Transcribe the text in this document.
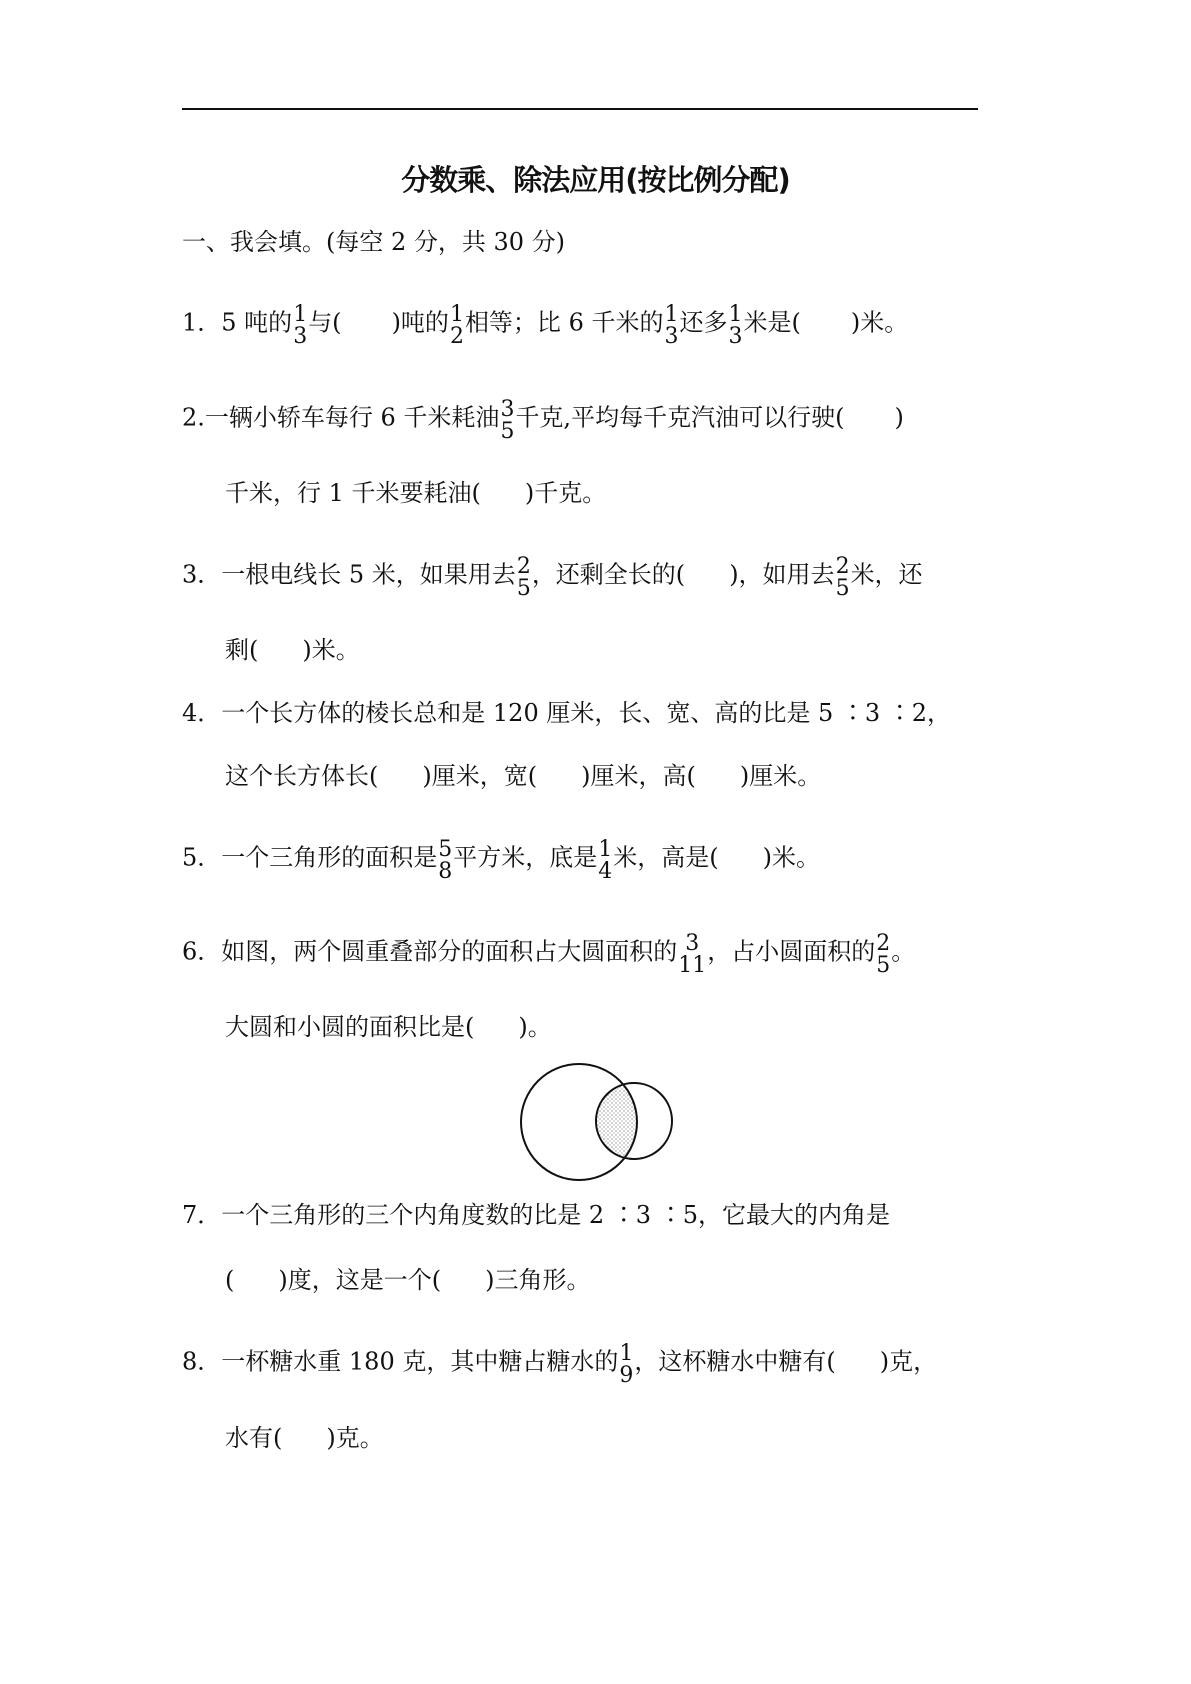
分数乘、除法应用(按比例分配)
一、我会填。(每空 2 分，共 30 分)
1．5 吨的 1
3 与( )吨的 1
2 相等；比 6 千米的 1
3 还多 1
3 米是( )米。
2.一辆小轿车每行 6 千米耗油 3
5 千克,平均每千克汽油可以行驶( )
千米，行 1 千米要耗油( )千克。
3．一根电线长 5 米，如果用去 2
5 ，还剩全长的( )，如用去 2
5 米，还
剩( )米。
4．一个长方体的棱长总和是 120 厘米，长、宽、高的比是 5 ∶3 ∶2，
这个长方体长( )厘米，宽( )厘米，高( )厘米。
5．一个三角形的面积是 5
8 平方米，底是 1
4 米，高是( )米。
6．如图，两个圆重叠部分的面积占大圆面积的 3
11 ，占小圆面积的 2
5 。
大圆和小圆的面积比是( )。
7．一个三角形的三个内角度数的比是 2 ∶3 ∶5，它最大的内角是
( )度，这是一个( )三角形。
8．一杯糖水重 180 克，其中糖占糖水的 1
9 ，这杯糖水中糖有( )克，
水有( )克。
